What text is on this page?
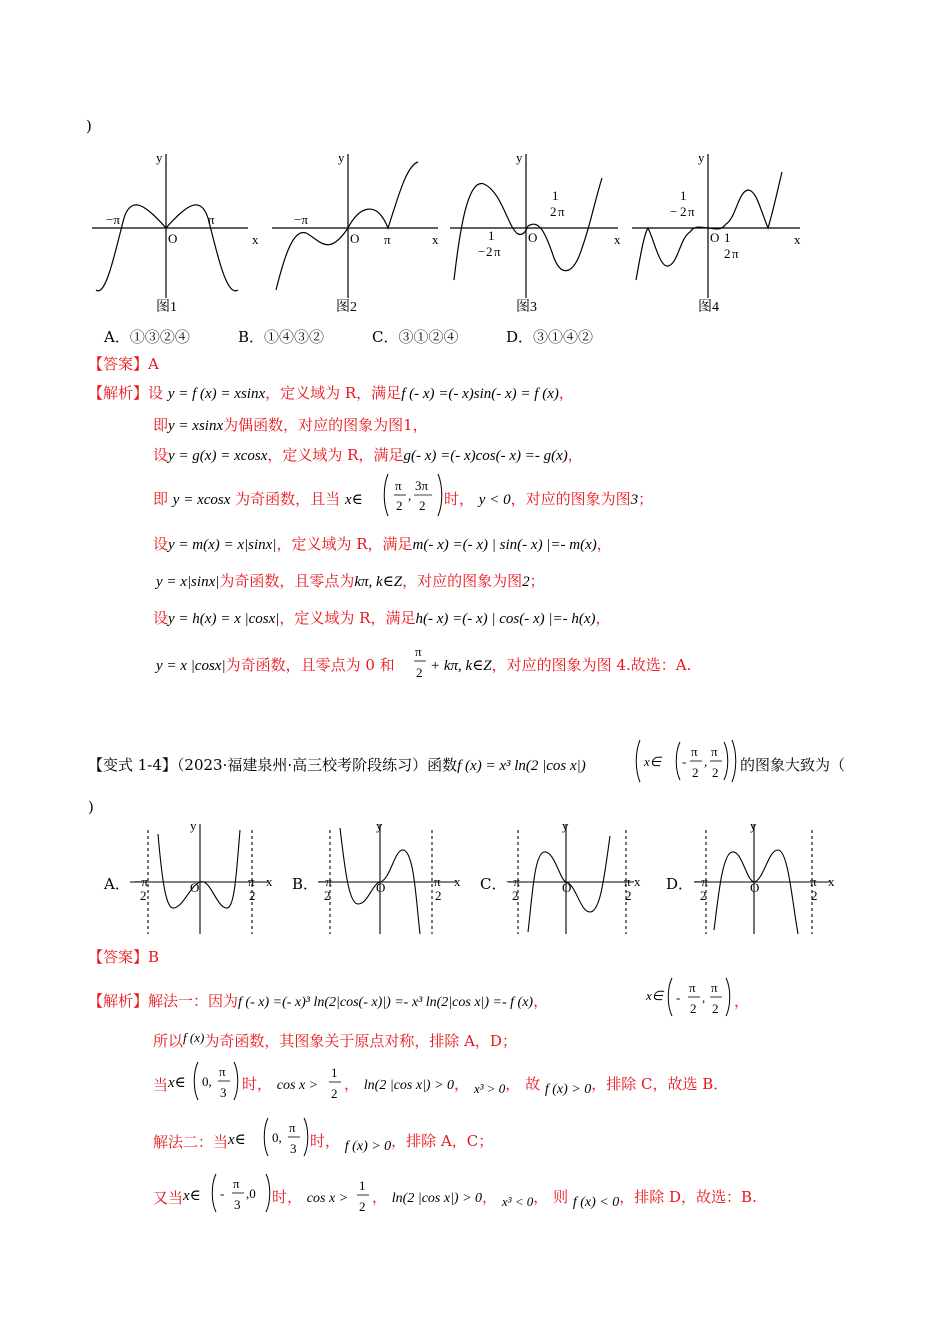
)
y
x
O
−π	π
y
x
O
−π
π
y
x
O
1
2 π
1
− 2 π
y
x
O
1
− 2 π
1
2 π
图1	图2	图3	图4
A．①③②④	B．①④③②	C．③①②④	D．③①④②
【答案】A
【解析】设 y = f (x) = xsinx，定义域为 R，满足f (- x) =(- x)sin(- x) = f (x)，
即y = xsinx为偶函数，对应的图象为图1，
设y = g(x) = xcosx，定义域为 R，满足g(- x) =(- x)cos(- x) =- g(x)，
即 y = xcosx 为奇函数，且当 x∈
π
2
,
3π
2 时， y < 0，对应的图象为图3；
设y = m(x) = x|sinx|，定义域为 R，满足m(- x) =(- x) | sin(- x) |=- m(x)，
y = x|sinx|为奇函数，且零点为kπ, k∈Z，对应的图象为图2；
设y = h(x) = x |cosx|，定义域为 R，满足h(- x) =(- x) | cos(- x) |=- h(x)，
y = x |cosx|为奇函数，且零点为 0 和
π
2 + kπ, k∈Z，对应的图象为图 4.故选：A.
【变式 1-4】（2023·福建泉州·高三校考阶段练习）函数f (x) = x³ ln(2 |cos x|)	x∈ -
π
2
,
π
2 的图象大致为（
)
A．	B．	C．	D．
y
x
O
−π
2
π
2
y
x
O
−π
2
π
2
y
x
O
−π
2
π
2
y
x
O
−π
2
π
2
【答案】B
【解析】解法一：因为f (- x) =(- x)³ ln(2|cos(- x)|) =- x³ ln(2|cos x|) =- f (x)，	x∈ -
π
2
,
π
2 ，
所以f (x)为奇函数，其图象关于原点对称，排除 A，D；
当x∈ 0,
π
3 时， cos x >
1
2
， ln(2 |cos x|) > 0， x³ > 0， 故 f (x) > 0，排除 C，故选 B．
解法二：当x∈ 0,
π
3 时， f (x) > 0，排除 A，C；
又当x∈ -
π
3
,0 时， cos x >
1
2
， ln(2 |cos x|) > 0， x³ < 0， 则 f (x) < 0，排除 D，故选：B.
